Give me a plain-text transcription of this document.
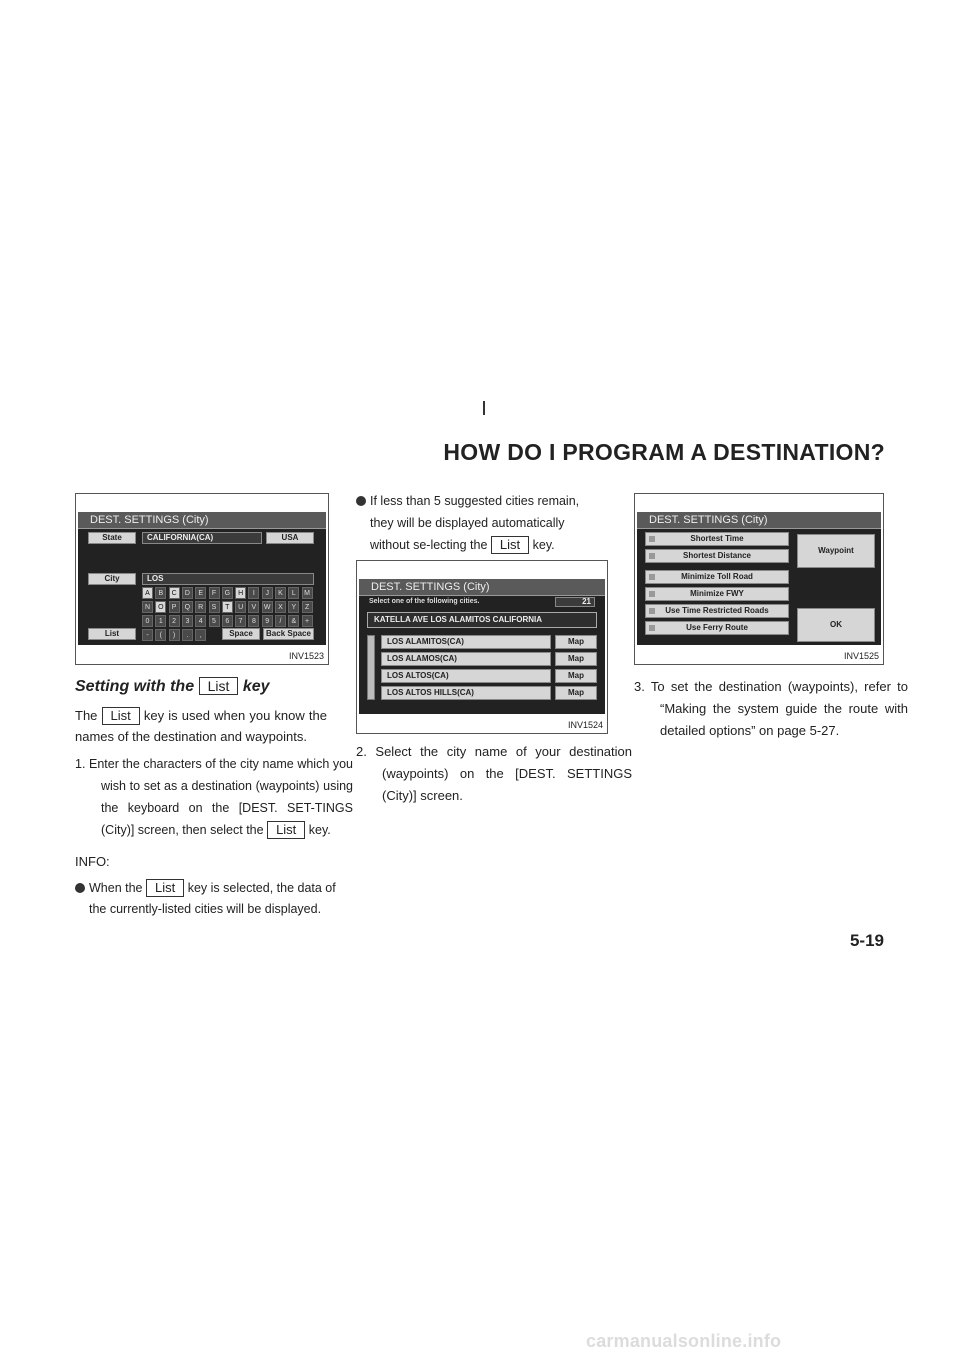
HOW DO I PROGRAM A DESTINATION?
DEST. SETTINGS (City)
State	CALIFORNIA(CA)	USA
City	LOS
List
A	B	C	D	E	F	G	H	I	J	K	L	M
N	O	P	Q	R	S	T	U	V	W	X	Y	Z
0	1	2	3	4	5	6	7	8	9	/	&	+
-	(	)	.	,	Space	Back Space
INV1523
Setting with the List key
The List key is used when you know the names of the destination and waypoints.
1. Enter the characters of the city name which you wish to set as a destination (waypoints) using the keyboard on the [DEST. SET-TINGS (City)] screen, then select the List key.
INFO:
When the List key is selected, the data of the currently-listed cities will be displayed.
If less than 5 suggested cities remain, they will be displayed automatically without se-lecting the List key.
DEST. SETTINGS (City)
Select one of the following cities.	21
KATELLA AVE LOS ALAMITOS CALIFORNIA
LOS ALAMITOS(CA)	Map
LOS ALAMOS(CA)	Map
LOS ALTOS(CA)	Map
LOS ALTOS HILLS(CA)	Map
INV1524
2. Select the city name of your destination (waypoints) on the [DEST. SETTINGS (City)] screen.
DEST. SETTINGS (City)
Shortest Time
Shortest Distance
Minimize Toll Road
Minimize FWY
Use Time Restricted Roads
Use Ferry Route
Waypoint
OK
INV1525
3. To set the destination (waypoints), refer to “Making the system guide the route with detailed options” on page 5-27.
5-19
carmanualsonline.info
